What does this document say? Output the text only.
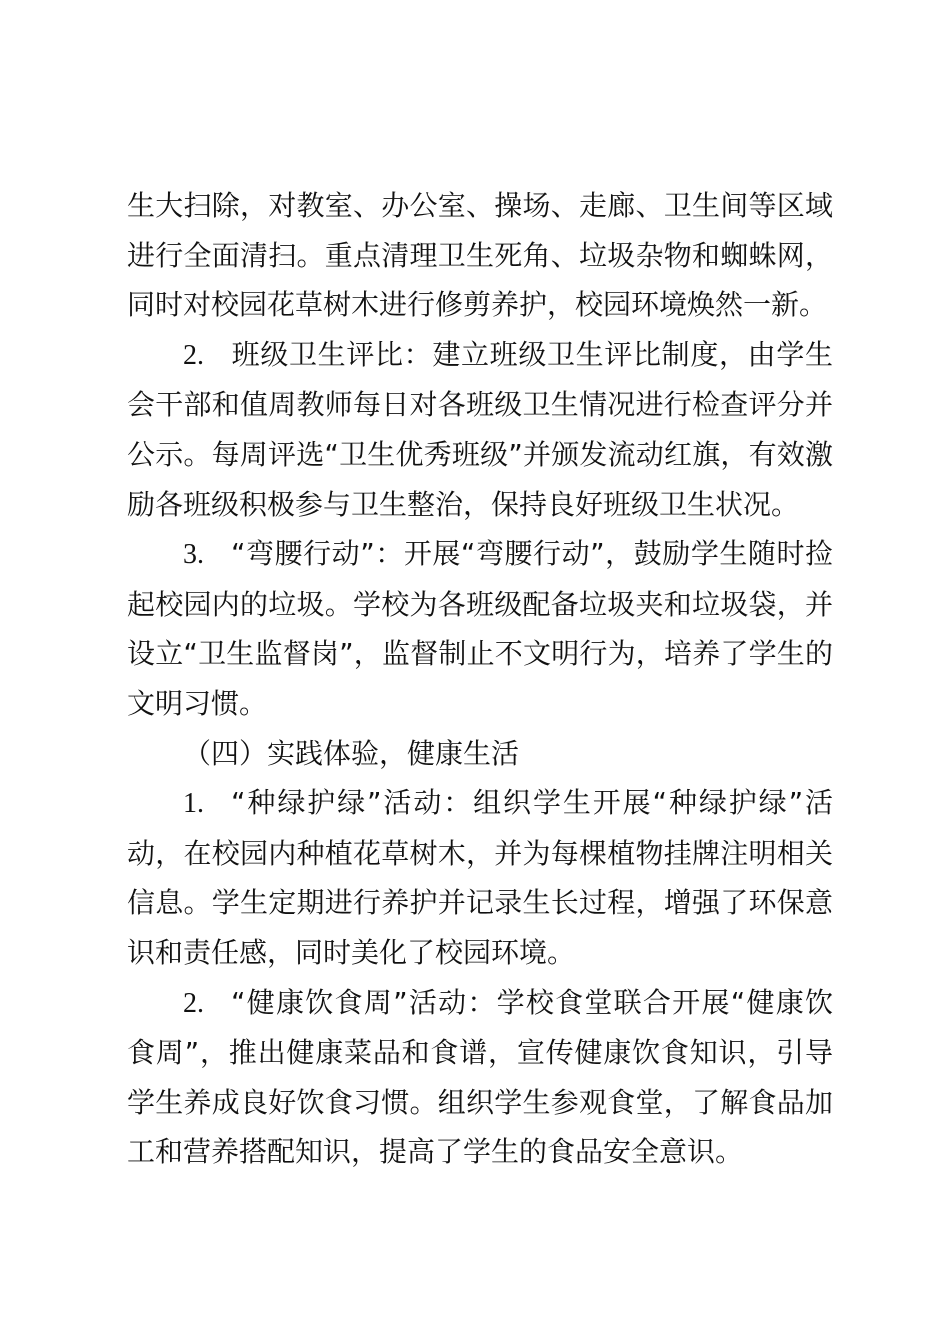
生大扫除，对教室、办公室、操场、走廊、卫生间等区域进行全面清扫。重点清理卫生死角、垃圾杂物和蜘蛛网，同时对校园花草树木进行修剪养护，校园环境焕然一新。

2. 班级卫生评比：建立班级卫生评比制度，由学生会干部和值周教师每日对各班级卫生情况进行检查评分并公示。每周评选“卫生优秀班级”并颁发流动红旗，有效激励各班级积极参与卫生整治，保持良好班级卫生状况。

3. “弯腰行动”：开展“弯腰行动”，鼓励学生随时捡起校园内的垃圾。学校为各班级配备垃圾夹和垃圾袋，并设立“卫生监督岗”，监督制止不文明行为，培养了学生的文明习惯。

（四）实践体验，健康生活

1. “种绿护绿”活动：组织学生开展“种绿护绿”活动，在校园内种植花草树木，并为每棵植物挂牌注明相关信息。学生定期进行养护并记录生长过程，增强了环保意识和责任感，同时美化了校园环境。

2. “健康饮食周”活动：学校食堂联合开展“健康饮食周”，推出健康菜品和食谱，宣传健康饮食知识，引导学生养成良好饮食习惯。组织学生参观食堂，了解食品加工和营养搭配知识，提高了学生的食品安全意识。
